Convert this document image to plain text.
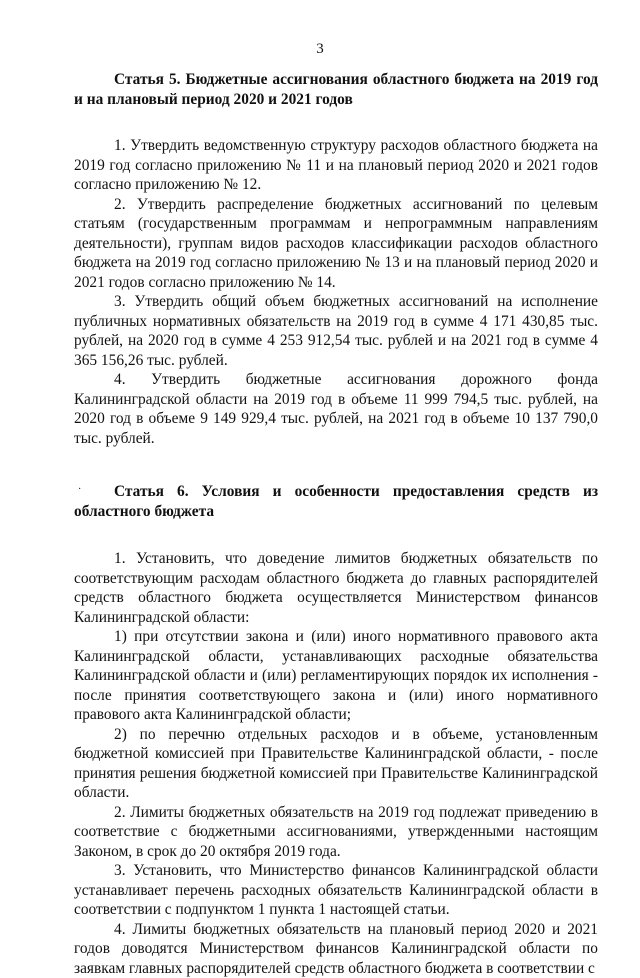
3
·

Статья 5. Бюджетные ассигнования областного бюджета на 2019 год и на плановый период 2020 и 2021 годов

1. Утвердить ведомственную структуру расходов областного бюджета на 2019 год согласно приложению № 11 и на плановый период 2020 и 2021 годов согласно приложению № 12.

2. Утвердить распределение бюджетных ассигнований по целевым статьям (государственным программам и непрограммным направлениям деятельности), группам видов расходов классификации расходов областного бюджета на 2019 год согласно приложению № 13 и на плановый период 2020 и 2021 годов согласно приложению № 14.

3. Утвердить общий объем бюджетных ассигнований на исполнение публичных нормативных обязательств на 2019 год в сумме 4 171 430,85 тыс. рублей, на 2020 год в сумме 4 253 912,54 тыс. рублей и на 2021 год в сумме 4 365 156,26 тыс. рублей.

4. Утвердить бюджетные ассигнования дорожного фонда Калининградской области на 2019 год в объеме 11 999 794,5 тыс. рублей, на 2020 год в объеме 9 149 929,4 тыс. рублей, на 2021 год в объеме 10 137 790,0 тыс. рублей.

Статья 6. Условия и особенности предоставления средств из областного бюджета

1. Установить, что доведение лимитов бюджетных обязательств по соответствующим расходам областного бюджета до главных распорядителей средств областного бюджета осуществляется Министерством финансов Калининградской области:

1) при отсутствии закона и (или) иного нормативного правового акта Калининградской области, устанавливающих расходные обязательства Калининградской области и (или) регламентирующих порядок их исполнения - после принятия соответствующего закона и (или) иного нормативного правового акта Калининградской области;

2) по перечню отдельных расходов и в объеме, установленным бюджетной комиссией при Правительстве Калининградской области, - после принятия решения бюджетной комиссией при Правительстве Калининградской области.

2. Лимиты бюджетных обязательств на 2019 год подлежат приведению в соответствие с бюджетными ассигнованиями, утвержденными настоящим Законом, в срок до 20 октября 2019 года.

3. Установить, что Министерство финансов Калининградской области устанавливает перечень расходных обязательств Калининградской области в соответствии с подпунктом 1 пункта 1 настоящей статьи.

4. Лимиты бюджетных обязательств на плановый период 2020 и 2021 годов доводятся Министерством финансов Калининградской области по заявкам главных распорядителей средств областного бюджета в соответствии с
